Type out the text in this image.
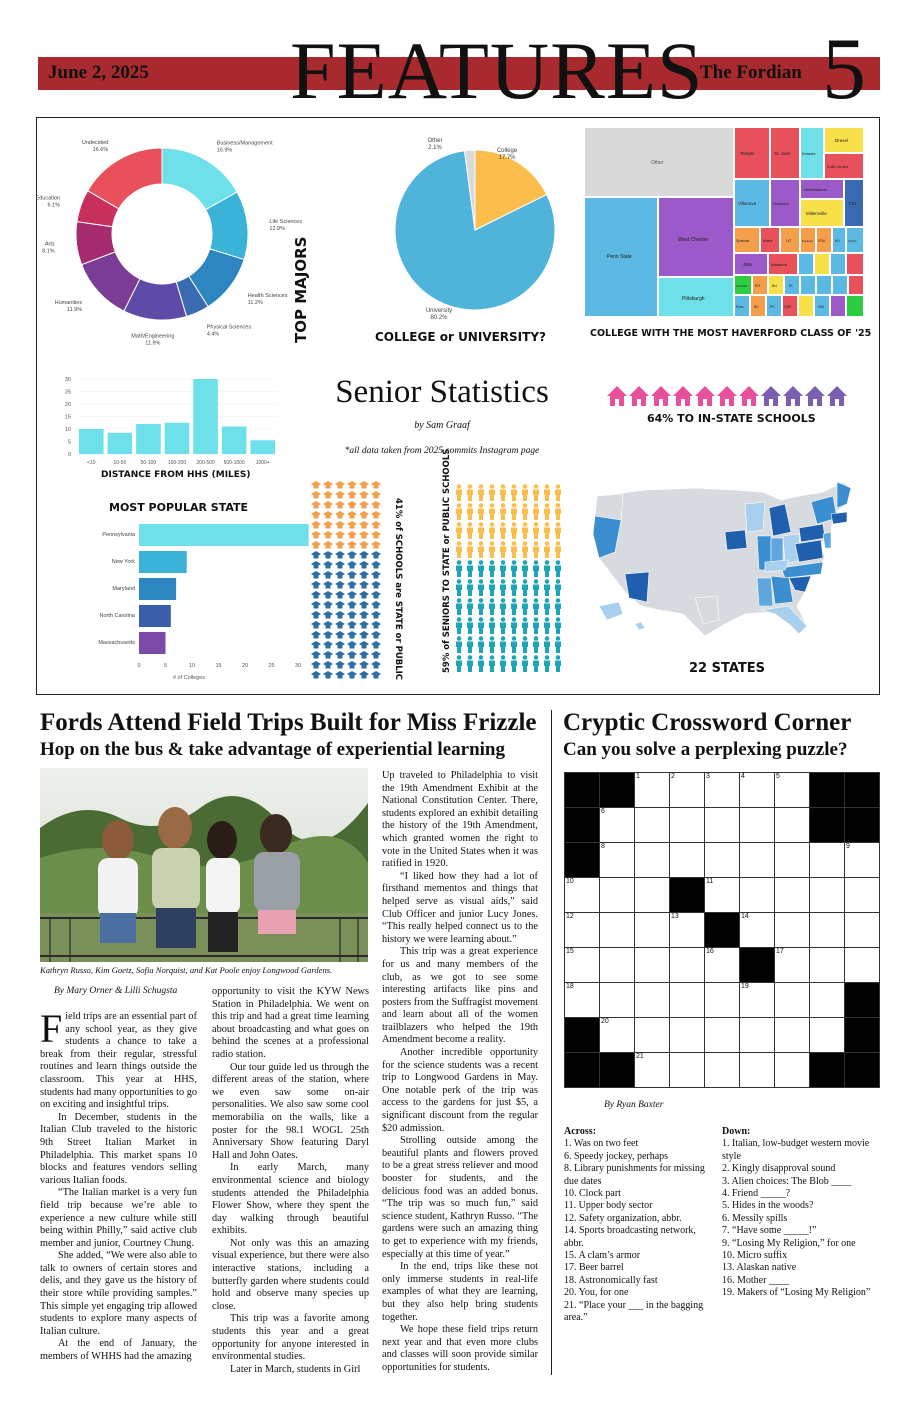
June 2, 2025 FEATURES
The Fordian 5
Business/Management
16.9%
Life Sciences
12.9%
Health Sciences
11.2%
Physical Sciences
4.4%
Math/Engineering
11.9%
Humanities
11.9%
Arts
8.1%
Education
6.1%
Undecided
16.6%
TOP MAJORS
College
17.7%
University
80.2%
Other
2.1%
COLLEGE or UNIVERSITY?
Other
Penn State
West Chester
Pittsburgh
Temple	St. Joes	Delaware
Drexel
South Carolina
Villanova	Scranton
Northeastern
Millersville
TJU
Syracuse	Miami	UT	Bucknell ESU	KU	UCSC
JMU	Alabama
UCONN RIT	BU	RI
Penn	BC	PC	GSP	GW
COLLEGE WITH THE MOST HAVERFORD CLASS OF '25
30
25
20
15
10
5
0
<10	10-50	50-100 100-200 200-500 500-1000 1000+
DISTANCE FROM HHS (MILES)
Senior Statistics
by Sam Graaf
*all data taken from 2025 commits Instagram page
64% TO IN-STATE SCHOOLS
MOST POPULAR STATE
Pennsylvania
New York
Maryland
North Carolina
Massachusetts
0	5	10	15	20	25	30
# of Colleges	41% of SCHOOLS are STATE or PUBLIC	59% of SENIORS TO STATE or PUBLIC SCHOOLS	22 STATES
Fords Attend Field Trips Built for Miss Frizzle
Hop on the bus & take advantage of experiential learning
Kathryn Russo, Kim Goetz, Sofia Norquist, and Kat Poole enjoy Longwood Gardens.
By Mary Orner & Lilli Schugsta

Field trips are an essential part of any school year, as they give students a chance to take a break from their regular, stressful routines and learn things outside the classroom. This year at HHS, students had many opportunities to go on exciting and insightful trips.

In December, students in the Italian Club traveled to the historic 9th Street Italian Market in Philadelphia. This market spans 10 blocks and features vendors selling various Italian foods.

“The Italian market is a very fun field trip because we’re able to experience a new culture while still being within Philly,” said active club member and junior, Courtney Chung.

She added, “We were also able to talk to owners of certain stores and delis, and they gave us the history of their store while providing samples.” This simple yet engaging trip allowed students to explore many aspects of Italian culture.

At the end of January, the members of WHHS had the amazing

opportunity to visit the KYW News Station in Philadelphia. We went on this trip and had a great time learning about broadcasting and what goes on behind the scenes at a professional radio station.

Our tour guide led us through the different areas of the station, where we even saw some on-air personalities. We also saw some cool memorabilia on the walls, like a poster for the 98.1 WOGL 25th Anniversary Show featuring Daryl Hall and John Oates.

In early March, many environmental science and biology students attended the Philadelphia Flower Show, where they spent the day walking through beautiful exhibits.

Not only was this an amazing visual experience, but there were also interactive stations, including a butterfly garden where students could hold and observe many species up close.

This trip was a favorite among students this year and a great opportunity for anyone interested in environmental studies.

Later in March, students in Girl

Up traveled to Philadelphia to visit the 19th Amendment Exhibit at the National Constitution Center. There, students explored an exhibit detailing the history of the 19th Amendment, which granted women the right to vote in the United States when it was ratified in 1920.

“I liked how they had a lot of firsthand mementos and things that helped serve as visual aids,” said Club Officer and junior Lucy Jones. “This really helped connect us to the history we were learning about.”

This trip was a great experience for us and many members of the club, as we got to see some interesting artifacts like pins and posters from the Suffragist movement and learn about all of the women trailblazers who helped the 19th Amendment become a reality.

Another incredible opportunity for the science students was a recent trip to Longwood Gardens in May. One notable perk of the trip was access to the gardens for just $5, a significant discount from the regular $20 admission.

Strolling outside among the beautiful plants and flowers proved to be a great stress reliever and mood booster for students, and the delicious food was an added bonus. “The trip was so much fun,” said science student, Kathryn Russo. “The gardens were such an amazing thing to get to experience with my friends, especially at this time of year.”

In the end, trips like these not only immerse students in real-life examples of what they are learning, but they also help bring students together.

We hope these field trips return next year and that even more clubs and classes will soon provide similar opportunities for students.

Cryptic Crossword Corner
Can you solve a perplexing puzzle?
1	2	3	4	5
6	7
8	9
10	11
12	13	14
15	16	17
18	19
20
21
By Ryan Baxter
Across:
1. Was on two feet
6. Speedy jockey, perhaps
8. Library punishments for missing due dates
10. Clock part
11. Upper body sector
12. Safety organization, abbr.
14. Sports broadcasting network, abbr.
15. A clam’s armor
17. Beer barrel
18. Astronomically fast
20. You, for one
21. “Place your ___ in the bagging area.”
Down:
1. Italian, low-budget western movie style
2. Kingly disapproval sound
3. Alien choices: The Blob ____
4. Friend _____?
5. Hides in the woods?
6. Messily spills
7. “Have some _____!”
9. “Losing My Religion,” for one
10. Micro suffix
13. Alaskan native
16. Mother ____
19. Makers of “Losing My Religion”
